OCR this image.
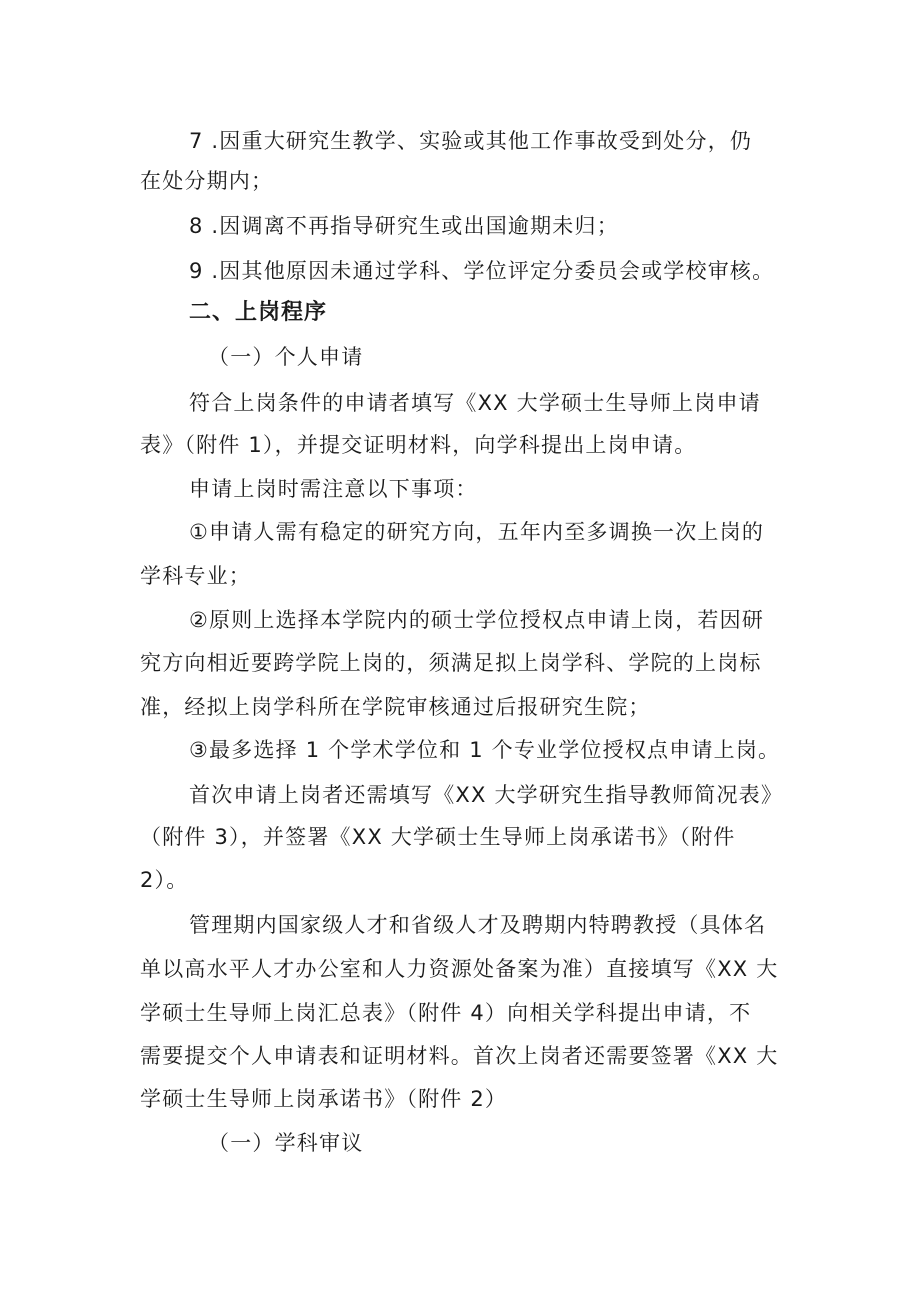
7 .因重大研究生教学、实验或其他工作事故受到处分，仍
在处分期内；
8 .因调离不再指导研究生或出国逾期未归；
9 .因其他原因未通过学科、学位评定分委员会或学校审核。
二、上岗程序
（一）个人申请
符合上岗条件的申请者填写《XX 大学硕士生导师上岗申请
表》（附件 1），并提交证明材料，向学科提出上岗申请。
申请上岗时需注意以下事项：
①申请人需有稳定的研究方向，五年内至多调换一次上岗的
学科专业；
②原则上选择本学院内的硕士学位授权点申请上岗，若因研
究方向相近要跨学院上岗的，须满足拟上岗学科、学院的上岗标
准，经拟上岗学科所在学院审核通过后报研究生院；
③最多选择 1 个学术学位和 1 个专业学位授权点申请上岗。
首次申请上岗者还需填写《XX 大学研究生指导教师简况表》
（附件 3），并签署《XX 大学硕士生导师上岗承诺书》（附件
2）。
管理期内国家级人才和省级人才及聘期内特聘教授（具体名
单以高水平人才办公室和人力资源处备案为准）直接填写《XX 大
学硕士生导师上岗汇总表》（附件 4）向相关学科提出申请，不
需要提交个人申请表和证明材料。首次上岗者还需要签署《XX 大
学硕士生导师上岗承诺书》（附件 2）
（一）学科审议
